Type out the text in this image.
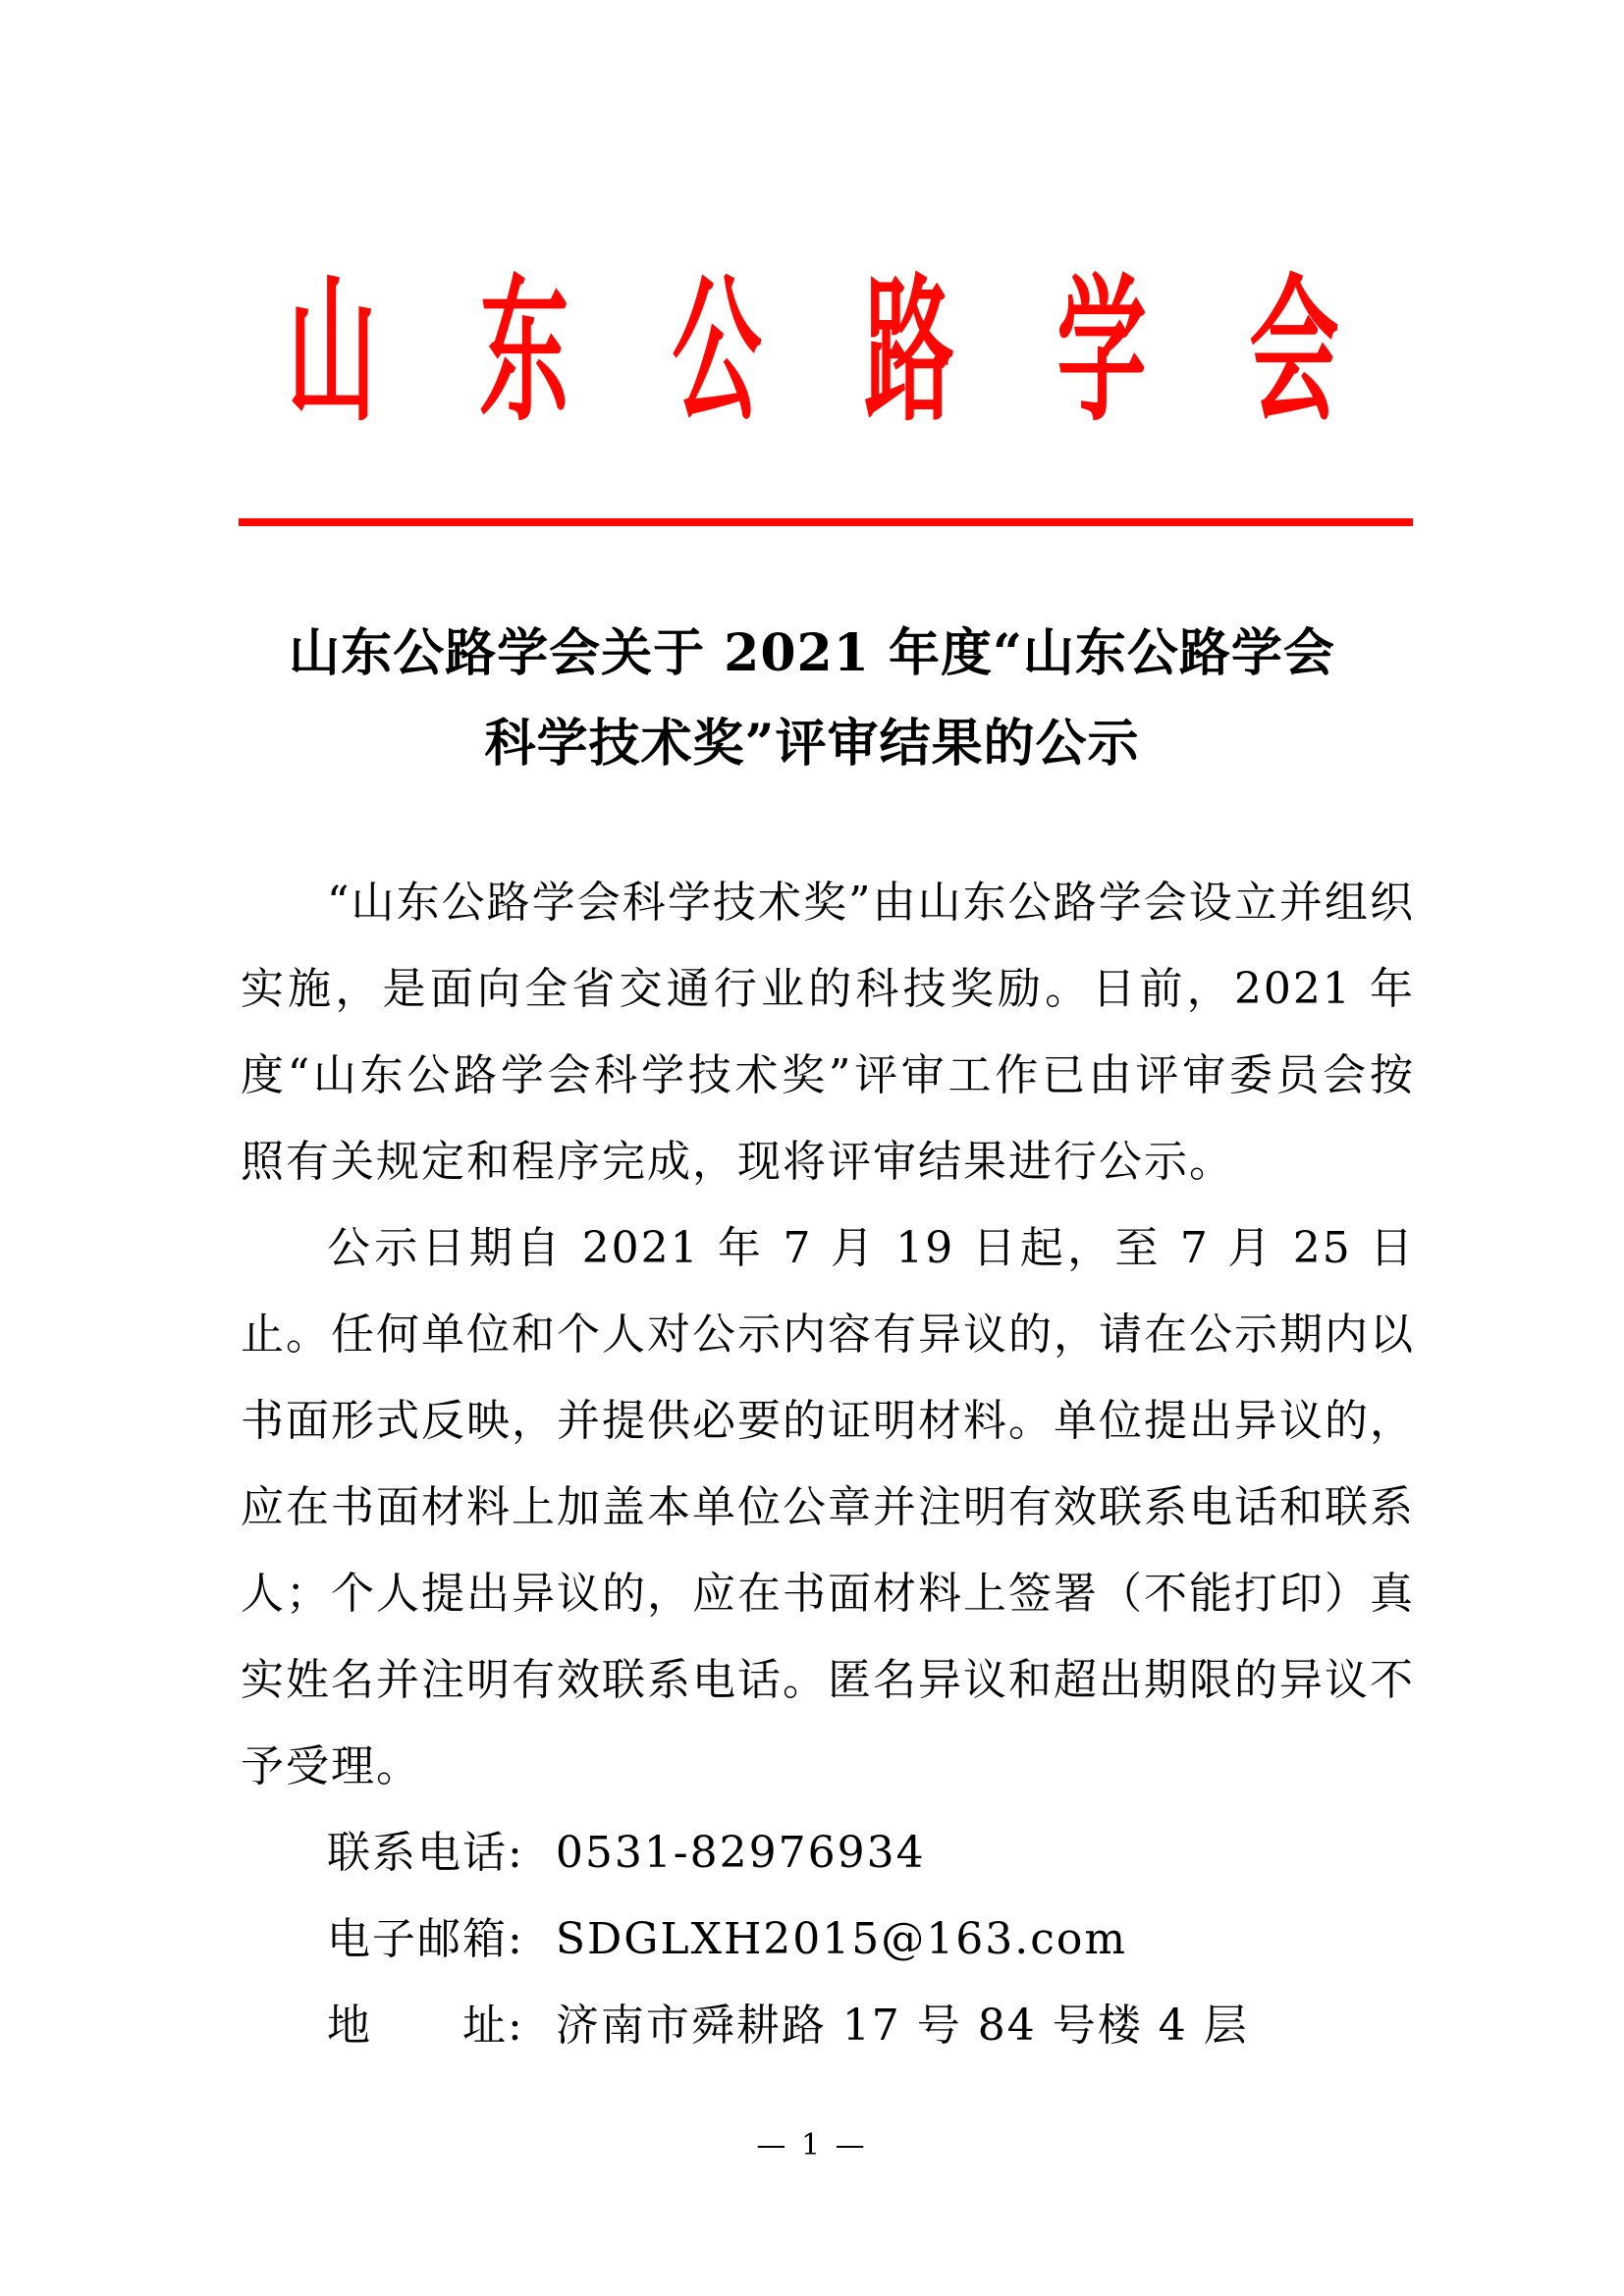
山 东 公 路 学 会
山东公路学会关于 2021 年度“山东公路学会
科学技术奖”评审结果的公示

“山东公路学会科学技术奖”由山东公路学会设立并组织实施，是面向全省交通行业的科技奖励。日前，2021 年度“山东公路学会科学技术奖”评审工作已由评审委员会按照有关规定和程序完成，现将评审结果进行公示。

公示日期自 2021 年 7 月 19 日起，至 7 月 25 日止。任何单位和个人对公示内容有异议的，请在公示期内以书面形式反映，并提供必要的证明材料。单位提出异议的，应在书面材料上加盖本单位公章并注明有效联系电话和联系人；个人提出异议的，应在书面材料上签署（不能打印）真实姓名并注明有效联系电话。匿名异议和超出期限的异议不予受理。

联系电话: 0531-82976934

电子邮箱: SDGLXH2015@163.com

地　　址: 济南市舜耕路 17 号 84 号楼 4 层

— 1 —
